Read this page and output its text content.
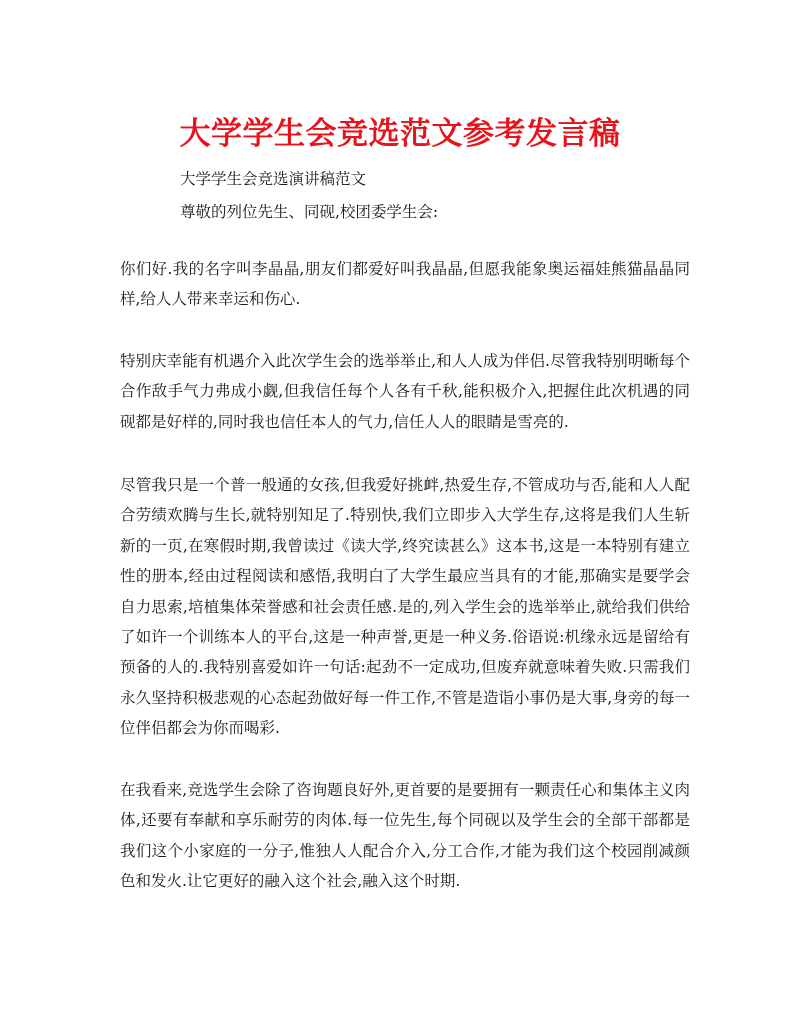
大学学生会竞选范文参考发言稿
大学学生会竞选演讲稿范文
尊敬的列位先生、同砚,校团委学生会:

你们好.我的名字叫李晶晶,朋友们都爱好叫我晶晶,但愿我能象奥运福娃熊猫晶晶同样,给人人带来幸运和伤心.

特别庆幸能有机遇介入此次学生会的选举举止,和人人成为伴侣.尽管我特别明晰每个合作敌手气力弗成小觑,但我信任每个人各有千秋,能积极介入,把握住此次机遇的同砚都是好样的,同时我也信任本人的气力,信任人人的眼睛是雪亮的.

尽管我只是一个普一般通的女孩,但我爱好挑衅,热爱生存,不管成功与否,能和人人配合劳绩欢腾与生长,就特别知足了.特别快,我们立即步入大学生存,这将是我们人生斩新的一页,在寒假时期,我曾读过《读大学,终究读甚么》这本书,这是一本特别有建立性的册本,经由过程阅读和感悟,我明白了大学生最应当具有的才能,那确实是要学会自力思索,培植集体荣誉感和社会责任感.是的,列入学生会的选举举止,就给我们供给了如许一个训练本人的平台,这是一种声誉,更是一种义务.俗语说:机缘永远是留给有预备的人的.我特别喜爱如许一句话:起劲不一定成功,但废弃就意味着失败.只需我们永久坚持积极悲观的心态起劲做好每一件工作,不管是造诣小事仍是大事,身旁的每一位伴侣都会为你而喝彩.

在我看来,竞选学生会除了咨询题良好外,更首要的是要拥有一颗责任心和集体主义肉体,还要有奉献和享乐耐劳的肉体.每一位先生,每个同砚以及学生会的全部干部都是我们这个小家庭的一分子,惟独人人配合介入,分工合作,才能为我们这个校园削减颜色和发火.让它更好的融入这个社会,融入这个时期.
